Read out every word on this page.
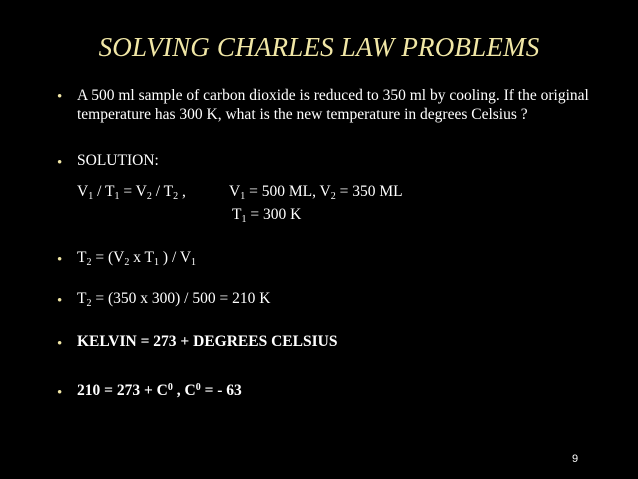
SOLVING CHARLES LAW PROBLEMS
• A 500 ml sample of carbon dioxide is reduced to 350 ml by cooling. If the original temperature has 300 K, what is the new temperature in degrees Celsius ?
• SOLUTION:
$V_1 / T_1 = V_2 / T_2$ ,	$V_1 = 500$ ML, $V_2 = 350$ ML
$T_1 = 300$ K
• $T_2 = (V_2$ x $T_1$ ) / $V_1$
• $T_2 = (350$ x 300) / 500 = 210 K
• KELVIN = 273 + DEGREES CELSIUS
• $210 = 273 + C^0$ , $C^0$ = - 63
9
